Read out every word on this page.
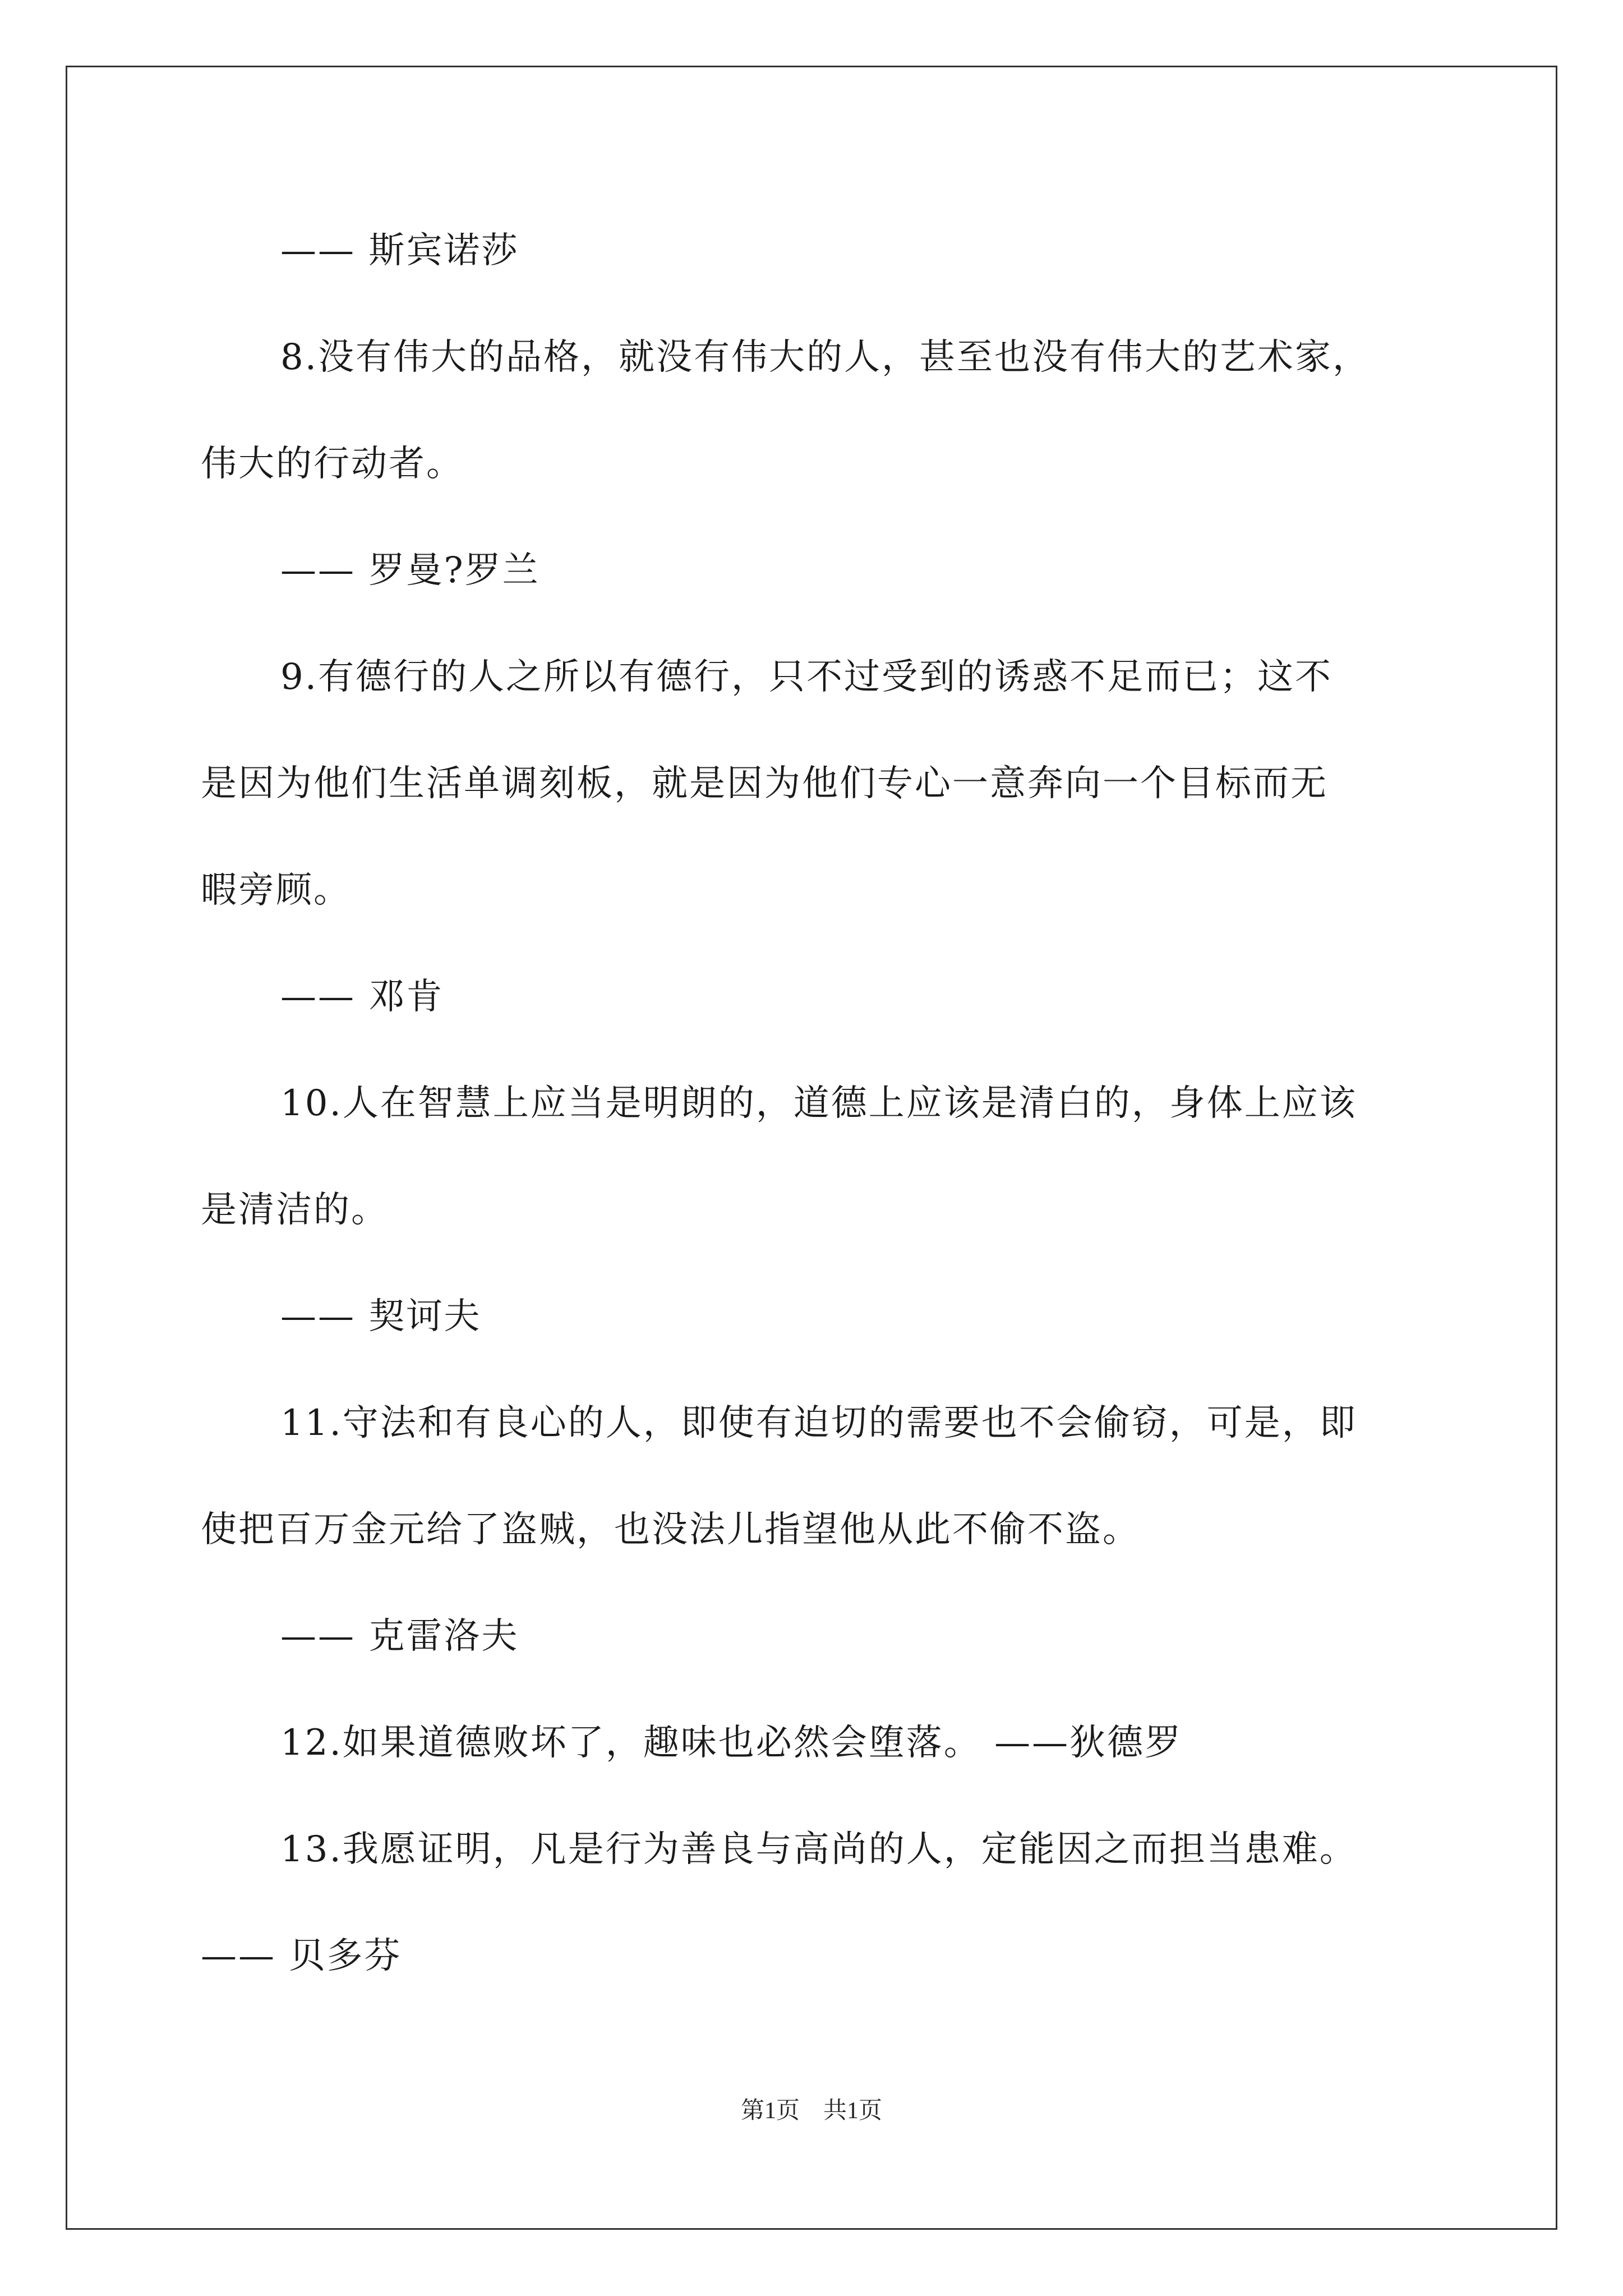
—— 斯宾诺莎
8.没有伟大的品格，就没有伟大的人，甚至也没有伟大的艺术家，
伟大的行动者。
—— 罗曼?罗兰
9.有德行的人之所以有德行，只不过受到的诱惑不足而已；这不
是因为他们生活单调刻板，就是因为他们专心一意奔向一个目标而无
暇旁顾。
—— 邓肯
10.人在智慧上应当是明朗的，道德上应该是清白的，身体上应该
是清洁的。
—— 契诃夫
11.守法和有良心的人，即使有迫切的需要也不会偷窃，可是，即
使把百万金元给了盗贼，也没法儿指望他从此不偷不盗。
—— 克雷洛夫
12.如果道德败坏了，趣味也必然会堕落。 ——狄德罗
13.我愿证明，凡是行为善良与高尚的人，定能因之而担当患难。
—— 贝多芬
第1页　共1页
